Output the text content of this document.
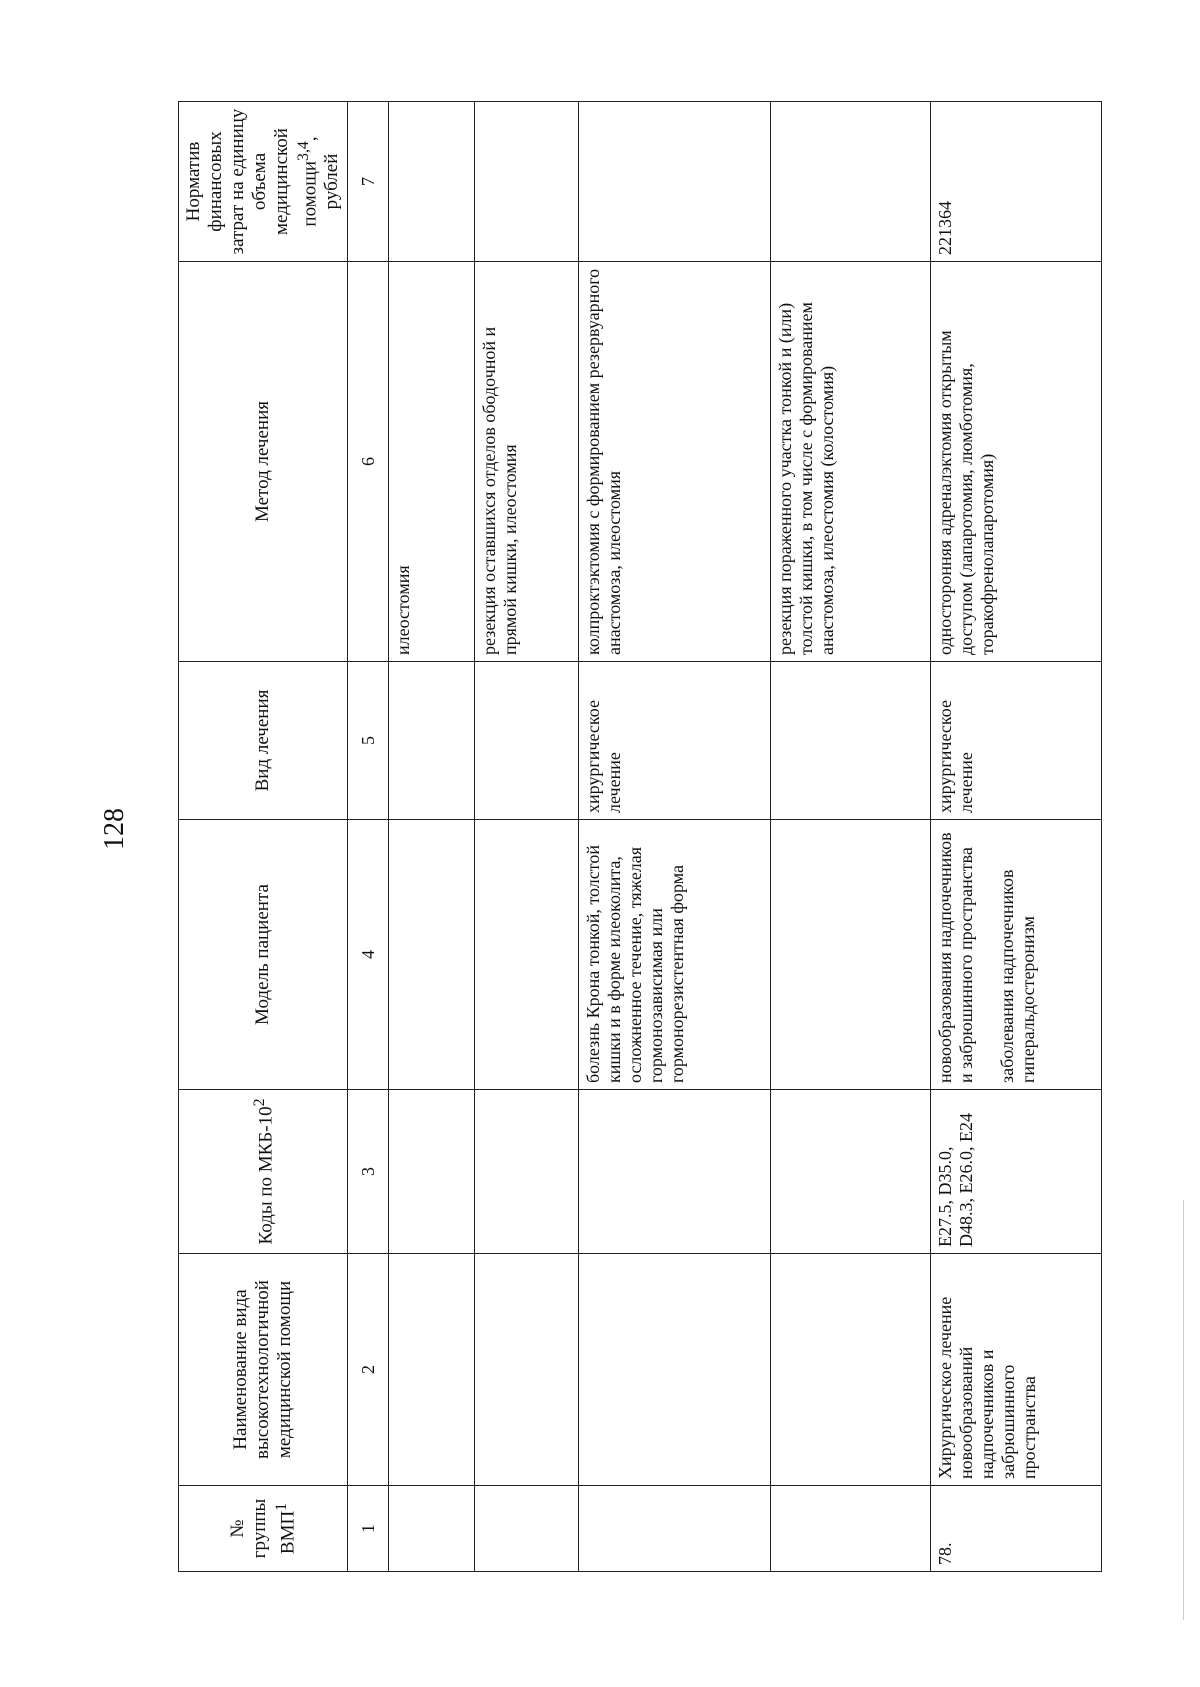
128
№ группы ВМП$^1$	Наименование вида высокотехнологичной медицинской помощи	Коды по МКБ-$10^2$	Модель пациента	Вид лечения	Метод лечения	Норматив финансовых затрат на единицу объема медицинской помощи$^{3,4}$, рублей
1	2	3	4	5	6	7
					илеостомия	
					резекция оставшихся отделов ободочной и прямой кишки, илеостомия	
			болезнь Крона тонкой, толстой кишки и в форме илеоколита, осложненное течение, тяжелая гормонозависимая или гормонорезистентная форма	хирургическое лечение	колпроктэктомия с формированием резервуарного анастомоза, илеостомия	
					резекция пораженного участка тонкой и (или) толстой кишки, в том числе с формированием анастомоза, илеостомия (колостомия)	
78.	Хирургическое лечение новообразований надпочечников и забрюшинного пространства	E27.5, D35.0, D48.3, E26.0, E24	новообразования надпочечников и забрюшинного пространства заболевания надпочечников гиперальдостеронизм	хирургическое лечение	односторонняя адреналэктомия открытым доступом (лапаротомия, люмботомия, торакофренолапаротомия)	221364
